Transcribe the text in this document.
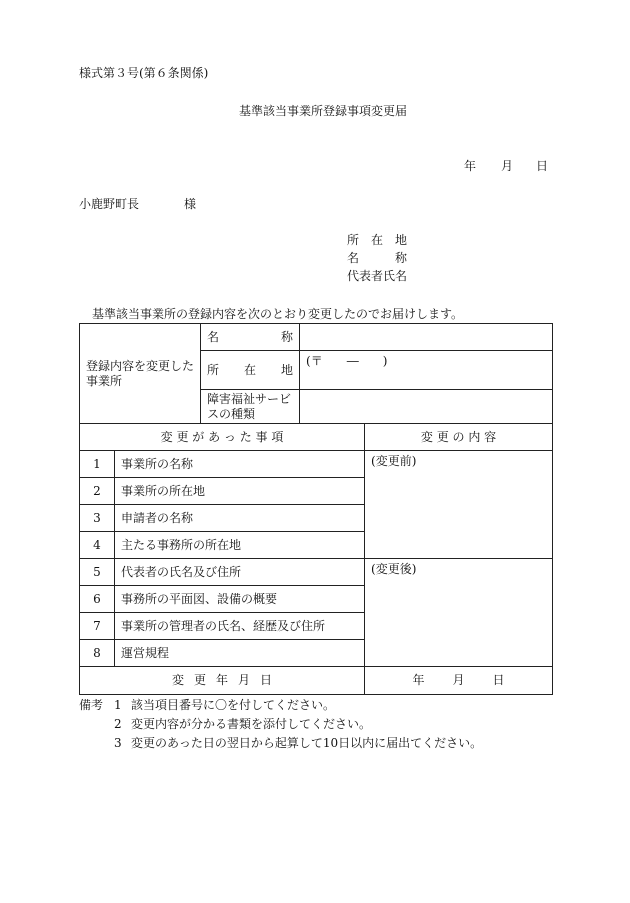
様式第３号(第６条関係)
基準該当事業所登録事項変更届
年 月 日
小鹿野町長	様
所　在　地
名　　　称
代表者氏名
基準該当事業所の登録内容を次のとおり変更したのでお届けします。
登録内容を変更した事業所		名 称		

		所 在 地	(〒　　―　　)	
		障害福祉サービスの種類		
変 更 が あ っ た 事 項				変 更 の 内 容
1	事業所の名称			(変更前)
2	事業所の所在地			
3	申請者の名称			
4	主たる事務所の所在地			
5	代表者の氏名及び住所			(変更後)
6	事務所の平面図、設備の概要			
7	事業所の管理者の氏名、経歴及び住所			
8	運営規程			
変 更 年 月 日				年 月 日
備考 1 該当項目番号に〇を付してください。
2 変更内容が分かる書類を添付してください。
3 変更のあった日の翌日から起算して10日以内に届出てください。
